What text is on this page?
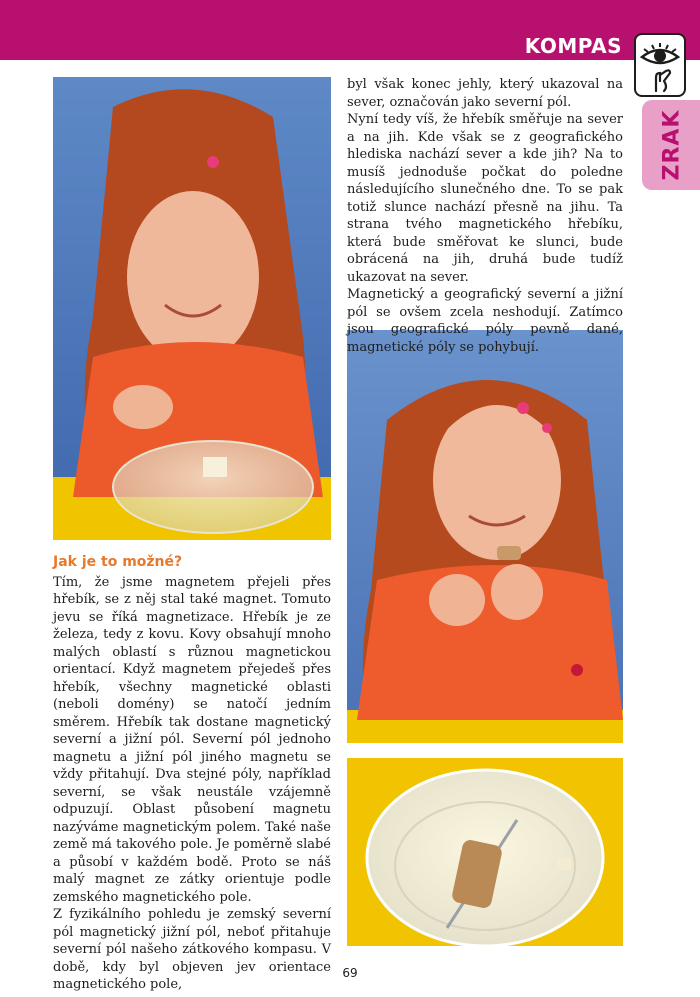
KOMPAS
ZRAK

byl však konec jehly, který ukazoval na sever, označován jako severní pól.

Nyní tedy víš, že hřebík směřuje na sever a na jih. Kde však se z geografického hlediska nachází sever a kde jih? Na to musíš jednoduše počkat do poledne následujícího slunečného dne. To se pak totiž slunce nachází přesně na jihu. Ta strana tvého magnetického hřebíku, která bude směřovat ke slunci, bude obrácená na jih, druhá bude tudíž ukazovat na sever.

Magnetický a geografický severní a jižní pól se ovšem zcela neshodují. Zatímco jsou geografické póly pevně dané, magnetické póly se pohybují.

Jak je to možné?

Tím, že jsme magnetem přejeli přes hřebík, se z něj stal také magnet. Tomuto jevu se říká magnetizace. Hřebík je ze železa, tedy z kovu. Kovy obsahují mnoho malých oblastí s různou magnetickou orientací. Když magnetem přejedeš přes hřebík, všechny magnetické oblasti (neboli domény) se natočí jedním směrem. Hřebík tak dostane magnetický severní a jižní pól. Severní pól jednoho magnetu a jižní pól jiného magnetu se vždy přitahují. Dva stejné póly, například severní, se však neustále vzájemně odpuzují. Oblast působení magnetu nazýváme magnetickým polem. Také naše země má takového pole. Je poměrně slabé a působí v každém bodě. Proto se náš malý magnet ze zátky orientuje podle zemského magnetického pole.

Z fyzikálního pohledu je zemský severní pól magnetický jižní pól, neboť přitahuje severní pól našeho zátkového kompasu. V době, kdy byl objeven jev orientace magnetického pole,

69
